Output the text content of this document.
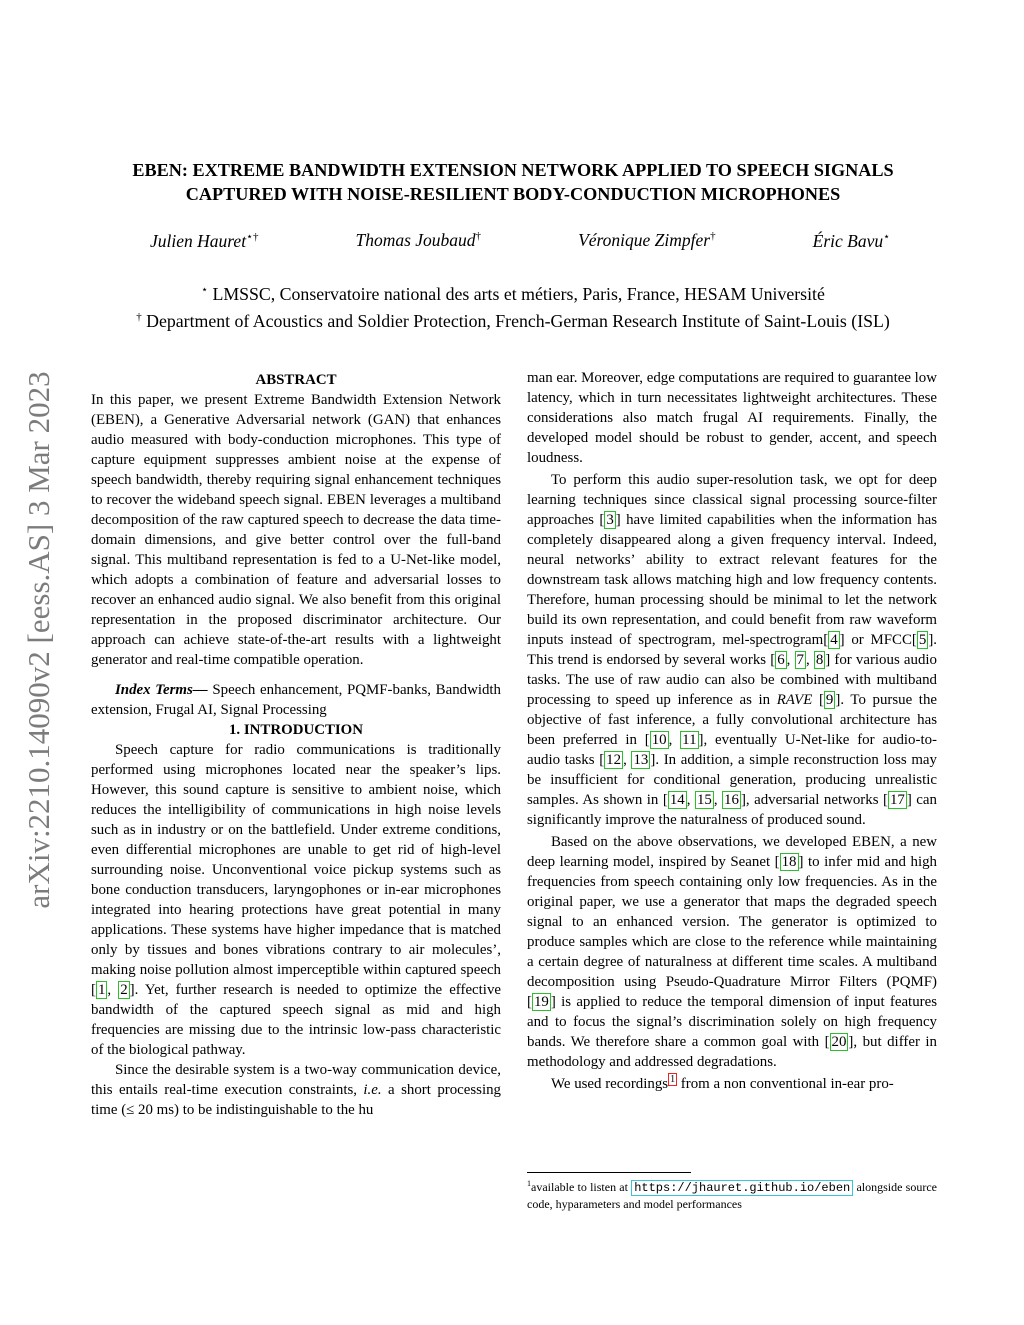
arXiv:2210.14090v2 [eess.AS] 3 Mar 2023
EBEN: EXTREME BANDWIDTH EXTENSION NETWORK APPLIED TO SPEECH SIGNALS
CAPTURED WITH NOISE-RESILIENT BODY-CONDUCTION MICROPHONES
Julien Hauret⋆†	Thomas Joubaud†	Véronique Zimpfer†	Éric Bavu⋆
⋆ LMSSC, Conservatoire national des arts et métiers, Paris, France, HESAM Université
† Department of Acoustics and Soldier Protection, French-German Research Institute of Saint-Louis (ISL)

ABSTRACT

In this paper, we present Extreme Bandwidth Extension Network (EBEN), a Generative Adversarial network (GAN) that enhances audio measured with body-conduction microphones. This type of capture equipment suppresses ambient noise at the expense of speech bandwidth, thereby requiring signal enhancement techniques to recover the wideband speech signal. EBEN leverages a multiband decomposition of the raw captured speech to decrease the data time-domain dimensions, and give better control over the full-band signal. This multiband representation is fed to a U-Net-like model, which adopts a combination of feature and adversarial losses to recover an enhanced audio signal. We also benefit from this original representation in the proposed discriminator architecture. Our approach can achieve state-of-the-art results with a lightweight generator and real-time compatible operation.

Index Terms— Speech enhancement, PQMF-banks, Bandwidth extension, Frugal AI, Signal Processing

1. INTRODUCTION

Speech capture for radio communications is traditionally performed using microphones located near the speaker’s lips. However, this sound capture is sensitive to ambient noise, which reduces the intelligibility of communications in high noise levels such as in industry or on the battlefield. Under extreme conditions, even differential microphones are unable to get rid of high-level surrounding noise. Unconventional voice pickup systems such as bone conduction transducers, laryngophones or in-ear microphones integrated into hearing protections have great potential in many applications. These systems have higher impedance that is matched only by tissues and bones vibrations contrary to air molecules’, making noise pollution almost imperceptible within captured speech [ 1 , 2 ]. Yet, further research is needed to optimize the effective bandwidth of the captured speech signal as mid and high frequencies are missing due to the intrinsic low-pass characteristic of the biological pathway.

Since the desirable system is a two-way communication device, this entails real-time execution constraints, i.e. a short processing time (≤ 20 ms) to be indistinguishable to the hu

man ear. Moreover, edge computations are required to guarantee low latency, which in turn necessitates lightweight architectures. These considerations also match frugal AI requirements. Finally, the developed model should be robust to gender, accent, and speech loudness.

To perform this audio super-resolution task, we opt for deep learning techniques since classical signal processing source-filter approaches [ 3 ] have limited capabilities when the information has completely disappeared along a given frequency interval. Indeed, neural networks’ ability to extract relevant features for the downstream task allows matching high and low frequency contents. Therefore, human processing should be minimal to let the network build its own representation, and could benefit from raw waveform inputs instead of spectrogram, mel-spectrogram[ 4 ] or MFCC[ 5 ]. This trend is endorsed by several works [ 6 , 7 , 8 ] for various audio tasks. The use of raw audio can also be combined with multiband processing to speed up inference as in RAVE [ 9 ]. To pursue the objective of fast inference, a fully convolutional architecture has been preferred in [ 10 , 11 ], eventually U-Net-like for audio-to-audio tasks [ 12 , 13 ]. In addition, a simple reconstruction loss may be insufficient for conditional generation, producing unrealistic samples. As shown in [ 14 , 15 , 16 ], adversarial networks [ 17 ] can significantly improve the naturalness of produced sound.

Based on the above observations, we developed EBEN, a new deep learning model, inspired by Seanet [ 18 ] to infer mid and high frequencies from speech containing only low frequencies. As in the original paper, we use a generator that maps the degraded speech signal to an enhanced version. The generator is optimized to produce samples which are close to the reference while maintaining a certain degree of naturalness at different time scales. A multiband decomposition using Pseudo-Quadrature Mirror Filters (PQMF) [ 19 ] is applied to reduce the temporal dimension of input features and to focus the signal’s discrimination solely on high frequency bands. We therefore share a common goal with [ 20 ], but differ in methodology and addressed degradations.

We used recordings $^1$ from a non conventional in-ear pro-

$^1$available to listen at https://jhauret.github.io/eben alongside source code, hyparameters and model performances
